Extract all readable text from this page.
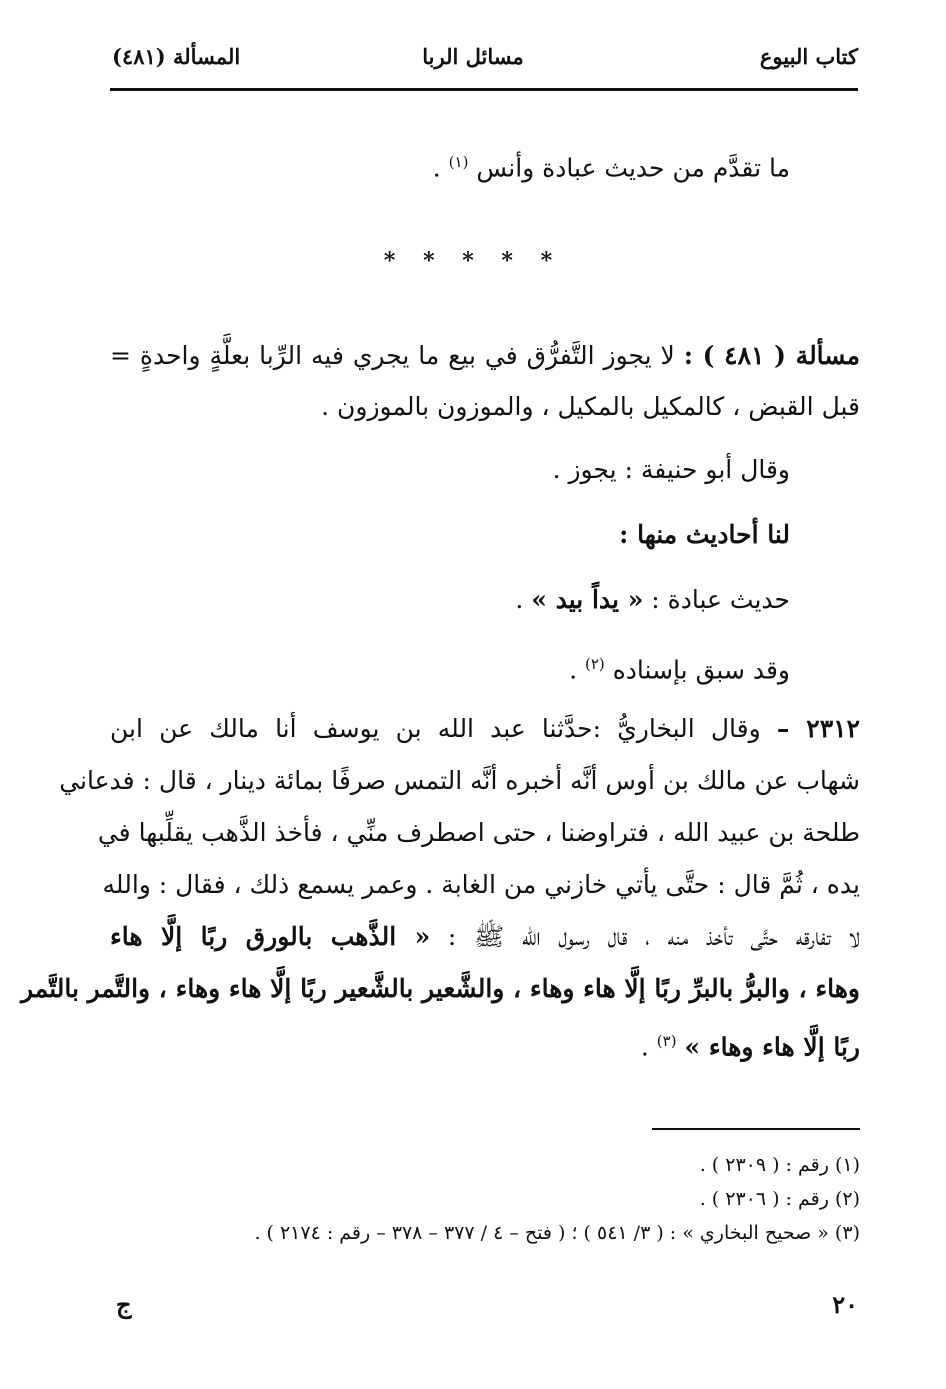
كتاب البيوع
مسائل الربا
المسألة (٤٨١)
ما تقدَّم من حديث عبادة وأنس $^{(١)}$ .
* * * * *
مسألة ( ٤٨١ ) : لا يجوز التَّفرُّق في بيع ما يجري فيه الرِّبا بعلَّةٍ واحدةٍ =
قبل القبض ، كالمكيل بالمكيل ، والموزون بالموزون .
وقال أبو حنيفة : يجوز .
لنا أحاديث منها :
حديث عبادة : « يداً بيد » .
وقد سبق بإسناده $^{(٢)}$ .
٢٣١٢ – وقال البخاريُّ :حدَّثنا عبد الله بن يوسف أنا مالك عن ابن
شهاب عن مالك بن أوس أنَّه أخبره أنَّه التمس صرفًا بمائة دينار ، قال : فدعاني
طلحة بن عبيد الله ، فتراوضنا ، حتى اصطرف منِّي ، فأخذ الذَّهب يقلِّبها في
يده ، ثُمَّ قال : حتَّى يأتي خازني من الغابة . وعمر يسمع ذلك ، فقال : والله
لا تفارقه حتَّى تأخذ منه ، قال رسول الله ﷺ : « الذَّهب بالورق ربًا إلَّا هاء
وهاء ، والبرُّ بالبرِّ ربًا إلَّا هاء وهاء ، والشَّعير بالشَّعير ربًا إلَّا هاء وهاء ، والتَّمر بالتَّمر
ربًا إلَّا هاء وهاء » $^{(٣)}$ .
(١) رقم : ( ٢٣٠٩ ) .
(٢) رقم : ( ٢٣٠٦ ) .
(٣) « صحيح البخاري » : ( ٣/ ٥٤١ ) ؛ ( فتح – ٤ / ٣٧٧ – ٣٧٨ – رقم : ٢١٧٤ ) .
٢٠
ج
